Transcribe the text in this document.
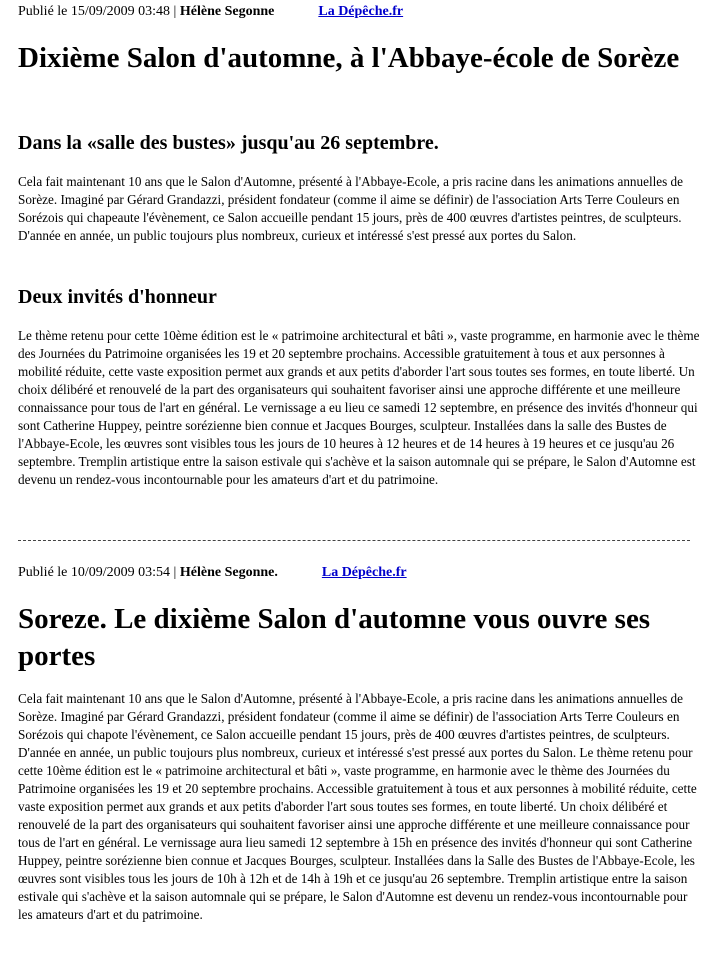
Publié le 15/09/2009 03:48 | Hélène Segonne	La Dépêche.fr
Dixième Salon d'automne, à l'Abbaye-école de Sorèze
Dans la «salle des bustes» jusqu'au 26 septembre.

Cela fait maintenant 10 ans que le Salon d'Automne, présenté à l'Abbaye-Ecole, a pris racine dans les animations annuelles de Sorèze. Imaginé par Gérard Grandazzi, président fondateur (comme il aime se définir) de l'association Arts Terre Couleurs en Sorézois qui chapeaute l'évènement, ce Salon accueille pendant 15 jours, près de 400 œuvres d'artistes peintres, de sculpteurs. D'année en année, un public toujours plus nombreux, curieux et intéressé s'est pressé aux portes du Salon.

Deux invités d'honneur

Le thème retenu pour cette 10ème édition est le « patrimoine architectural et bâti », vaste programme, en harmonie avec le thème des Journées du Patrimoine organisées les 19 et 20 septembre prochains. Accessible gratuitement à tous et aux personnes à mobilité réduite, cette vaste exposition permet aux grands et aux petits d'aborder l'art sous toutes ses formes, en toute liberté. Un choix délibéré et renouvelé de la part des organisateurs qui souhaitent favoriser ainsi une approche différente et une meilleure connaissance pour tous de l'art en général. Le vernissage a eu lieu ce samedi 12 septembre, en présence des invités d'honneur qui sont Catherine Huppey, peintre sorézienne bien connue et Jacques Bourges, sculpteur. Installées dans la salle des Bustes de l'Abbaye-Ecole, les œuvres sont visibles tous les jours de 10 heures à 12 heures et de 14 heures à 19 heures et ce jusqu'au 26 septembre. Tremplin artistique entre la saison estivale qui s'achève et la saison automnale qui se prépare, le Salon d'Automne est devenu un rendez-vous incontournable pour les amateurs d'art et du patrimoine.

Publié le 10/09/2009 03:54 | Hélène Segonne.	La Dépêche.fr
Soreze. Le dixième Salon d'automne vous ouvre ses portes

Cela fait maintenant 10 ans que le Salon d'Automne, présenté à l'Abbaye-Ecole, a pris racine dans les animations annuelles de Sorèze. Imaginé par Gérard Grandazzi, président fondateur (comme il aime se définir) de l'association Arts Terre Couleurs en Sorézois qui chapote l'évènement, ce Salon accueille pendant 15 jours, près de 400 œuvres d'artistes peintres, de sculpteurs. D'année en année, un public toujours plus nombreux, curieux et intéressé s'est pressé aux portes du Salon. Le thème retenu pour cette 10ème édition est le « patrimoine architectural et bâti », vaste programme, en harmonie avec le thème des Journées du Patrimoine organisées les 19 et 20 septembre prochains. Accessible gratuitement à tous et aux personnes à mobilité réduite, cette vaste exposition permet aux grands et aux petits d'aborder l'art sous toutes ses formes, en toute liberté. Un choix délibéré et renouvelé de la part des organisateurs qui souhaitent favoriser ainsi une approche différente et une meilleure connaissance pour tous de l'art en général. Le vernissage aura lieu samedi 12 septembre à 15h en présence des invités d'honneur qui sont Catherine Huppey, peintre sorézienne bien connue et Jacques Bourges, sculpteur. Installées dans la Salle des Bustes de l'Abbaye-Ecole, les œuvres sont visibles tous les jours de 10h à 12h et de 14h à 19h et ce jusqu'au 26 septembre. Tremplin artistique entre la saison estivale qui s'achève et la saison automnale qui se prépare, le Salon d'Automne est devenu un rendez-vous incontournable pour les amateurs d'art et du patrimoine.
